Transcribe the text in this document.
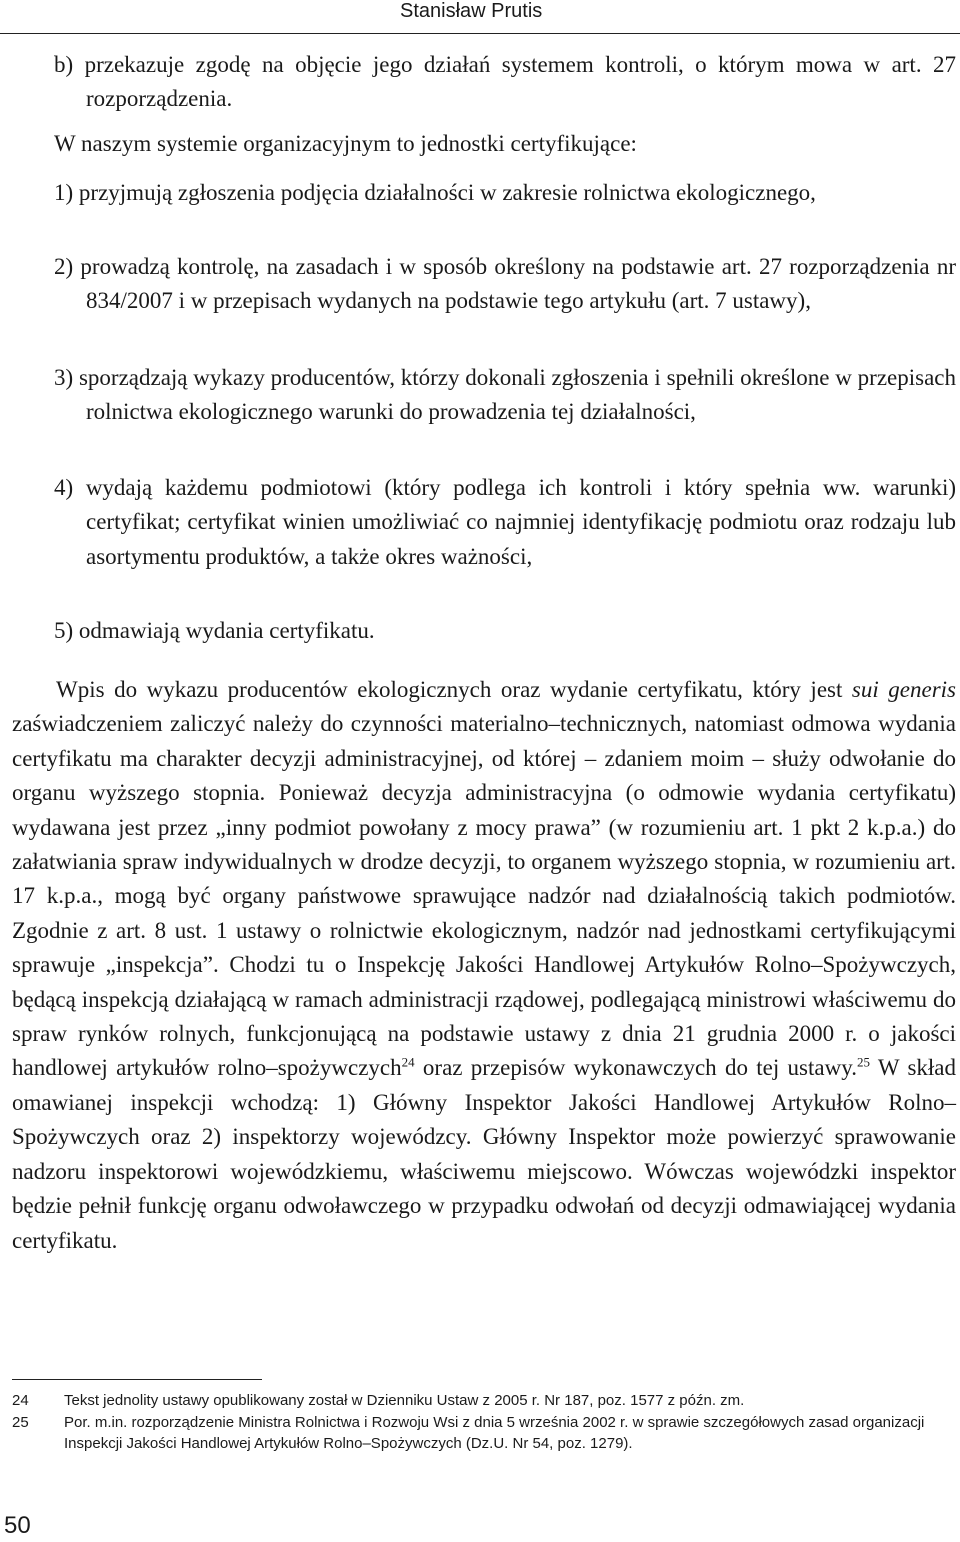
Stanisław Prutis

b) przekazuje zgodę na objęcie jego działań systemem kontroli, o którym mowa w art. 27 rozporządzenia.

W naszym systemie organizacyjnym to jednostki certyfikujące:

1) przyjmują zgłoszenia podjęcia działalności w zakresie rolnictwa ekologicznego,

2) prowadzą kontrolę, na zasadach i w sposób określony na podstawie art. 27 rozporządzenia nr 834/2007 i w przepisach wydanych na podstawie tego artykułu (art. 7 ustawy),

3) sporządzają wykazy producentów, którzy dokonali zgłoszenia i spełnili określone w przepisach rolnictwa ekologicznego warunki do prowadzenia tej działalności,

4) wydają każdemu podmiotowi (który podlega ich kontroli i który spełnia ww. warunki) certyfikat; certyfikat winien umożliwiać co najmniej identyfikację podmiotu oraz rodzaju lub asortymentu produktów, a także okres ważności,

5) odmawiają wydania certyfikatu.

Wpis do wykazu producentów ekologicznych oraz wydanie certyfikatu, który jest sui generis zaświadczeniem zaliczyć należy do czynności materialno–technicznych, natomiast odmowa wydania certyfikatu ma charakter decyzji administracyjnej, od której – zdaniem moim – służy odwołanie do organu wyższego stopnia. Ponieważ decyzja administracyjna (o odmowie wydania certyfikatu) wydawana jest przez „inny podmiot powołany z mocy prawa” (w rozumieniu art. 1 pkt 2 k.p.a.) do załatwiania spraw indywidualnych w drodze decyzji, to organem wyższego stopnia, w rozumieniu art. 17 k.p.a., mogą być organy państwowe sprawujące nadzór nad działalnością takich podmiotów. Zgodnie z art. 8 ust. 1 ustawy o rolnictwie ekologicznym, nadzór nad jednostkami certyfikującymi sprawuje „inspekcja”. Chodzi tu o Inspekcję Jakości Handlowej Artykułów Rolno–Spożywczych, będącą inspekcją działającą w ramach administracji rządowej, podlegającą ministrowi właściwemu do spraw rynków rolnych, funkcjonującą na podstawie ustawy z dnia 21 grudnia 2000 r. o jakości handlowej artykułów rolno–spożywczych$^{24}$ oraz przepisów wykonawczych do tej ustawy.$^{25}$ W skład omawianej inspekcji wchodzą: 1) Główny Inspektor Jakości Handlowej Artykułów Rolno–Spożywczych oraz 2) inspektorzy wojewódzcy. Główny Inspektor może powierzyć sprawowanie nadzoru inspektorowi wojewódzkiemu, właściwemu miejscowo. Wówczas wojewódzki inspektor będzie pełnił funkcję organu odwoławczego w przypadku odwołań od decyzji odmawiającej wydania certyfikatu.

24 Tekst jednolity ustawy opublikowany został w Dzienniku Ustaw z 2005 r. Nr 187, poz. 1577 z późn. zm.
25 Por. m.in. rozporządzenie Ministra Rolnictwa i Rozwoju Wsi z dnia 5 września 2002 r. w sprawie szczegółowych zasad organizacji Inspekcji Jakości Handlowej Artykułów Rolno–Spożywczych (Dz.U. Nr 54, poz. 1279).
50
